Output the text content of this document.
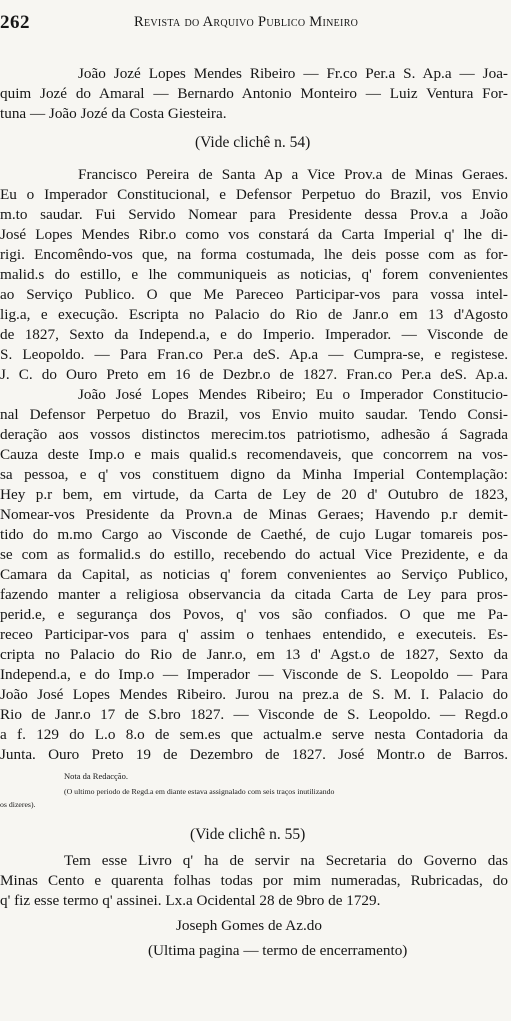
262	Revista do Arquivo Publico Mineiro
João Jozé Lopes Mendes Ribeiro — Fr.co Per.a S. Ap.a — Joa-
quim Jozé do Amaral — Bernardo Antonio Monteiro — Luiz Ventura For-
tuna — João Jozé da Costa Giesteira.
(Vide clichê n. 54)
Francisco Pereira de Santa Ap a Vice Prov.a de Minas Geraes.
Eu o Imperador Constitucional, e Defensor Perpetuo do Brazil, vos Envio
m.to saudar. Fui Servido Nomear para Presidente dessa Prov.a a João
José Lopes Mendes Ribr.o como vos constará da Carta Imperial q' lhe di-
rigi. Encomêndo-vos que, na forma costumada, lhe deis posse com as for-
malid.s do estillo, e lhe communiqueis as noticias, q' forem convenientes
ao Serviço Publico. O que Me Pareceo Participar-vos para vossa intel-
lig.a, e execução. Escripta no Palacio do Rio de Janr.o em 13 d'Agosto
de 1827, Sexto da Independ.a, e do Imperio. Imperador. — Visconde de
S. Leopoldo. — Para Fran.co Per.a deS. Ap.a — Cumpra-se, e registese.
J. C. do Ouro Preto em 16 de Dezbr.o de 1827. Fran.co Per.a deS. Ap.a.
João José Lopes Mendes Ribeiro; Eu o Imperador Constitucio-
nal Defensor Perpetuo do Brazil, vos Envio muito saudar. Tendo Consi-
deração aos vossos distinctos merecim.tos patriotismo, adhesão á Sagrada
Cauza deste Imp.o e mais qualid.s recomendaveis, que concorrem na vos-
sa pessoa, e q' vos constituem digno da Minha Imperial Contemplação:
Hey p.r bem, em virtude, da Carta de Ley de 20 d' Outubro de 1823,
Nomear-vos Presidente da Provn.a de Minas Geraes; Havendo p.r demit-
tido do m.mo Cargo ao Visconde de Caethé, de cujo Lugar tomareis pos-
se com as formalid.s do estillo, recebendo do actual Vice Prezidente, e da
Camara da Capital, as noticias q' forem convenientes ao Serviço Publico,
fazendo manter a religiosa observancia da citada Carta de Ley para pros-
perid.e, e segurança dos Povos, q' vos são confiados. O que me Pa-
receo Participar-vos para q' assim o tenhaes entendido, e executeis. Es-
cripta no Palacio do Rio de Janr.o, em 13 d' Agst.o de 1827, Sexto da
Independ.a, e do Imp.o — Imperador — Visconde de S. Leopoldo — Para
João José Lopes Mendes Ribeiro. Jurou na prez.a de S. M. I. Palacio do
Rio de Janr.o 17 de S.bro 1827. — Visconde de S. Leopoldo. — Regd.o
a f. 129 do L.o 8.o de sem.es que actualm.e serve nesta Contadoria da
Junta. Ouro Preto 19 de Dezembro de 1827. José Montr.o de Barros.
Nota da Redacção.
(O ultimo periodo de Regd.a em diante estava assignalado com seis traços inutilizando
os dizeres).
(Vide clichê n. 55)
Tem esse Livro q' ha de servir na Secretaria do Governo das
Minas Cento e quarenta folhas todas por mim numeradas, Rubricadas, do
q' fiz esse termo q' assinei. Lx.a Ocidental 28 de 9bro de 1729.
Joseph Gomes de Az.do
(Ultima pagina — termo de encerramento)
